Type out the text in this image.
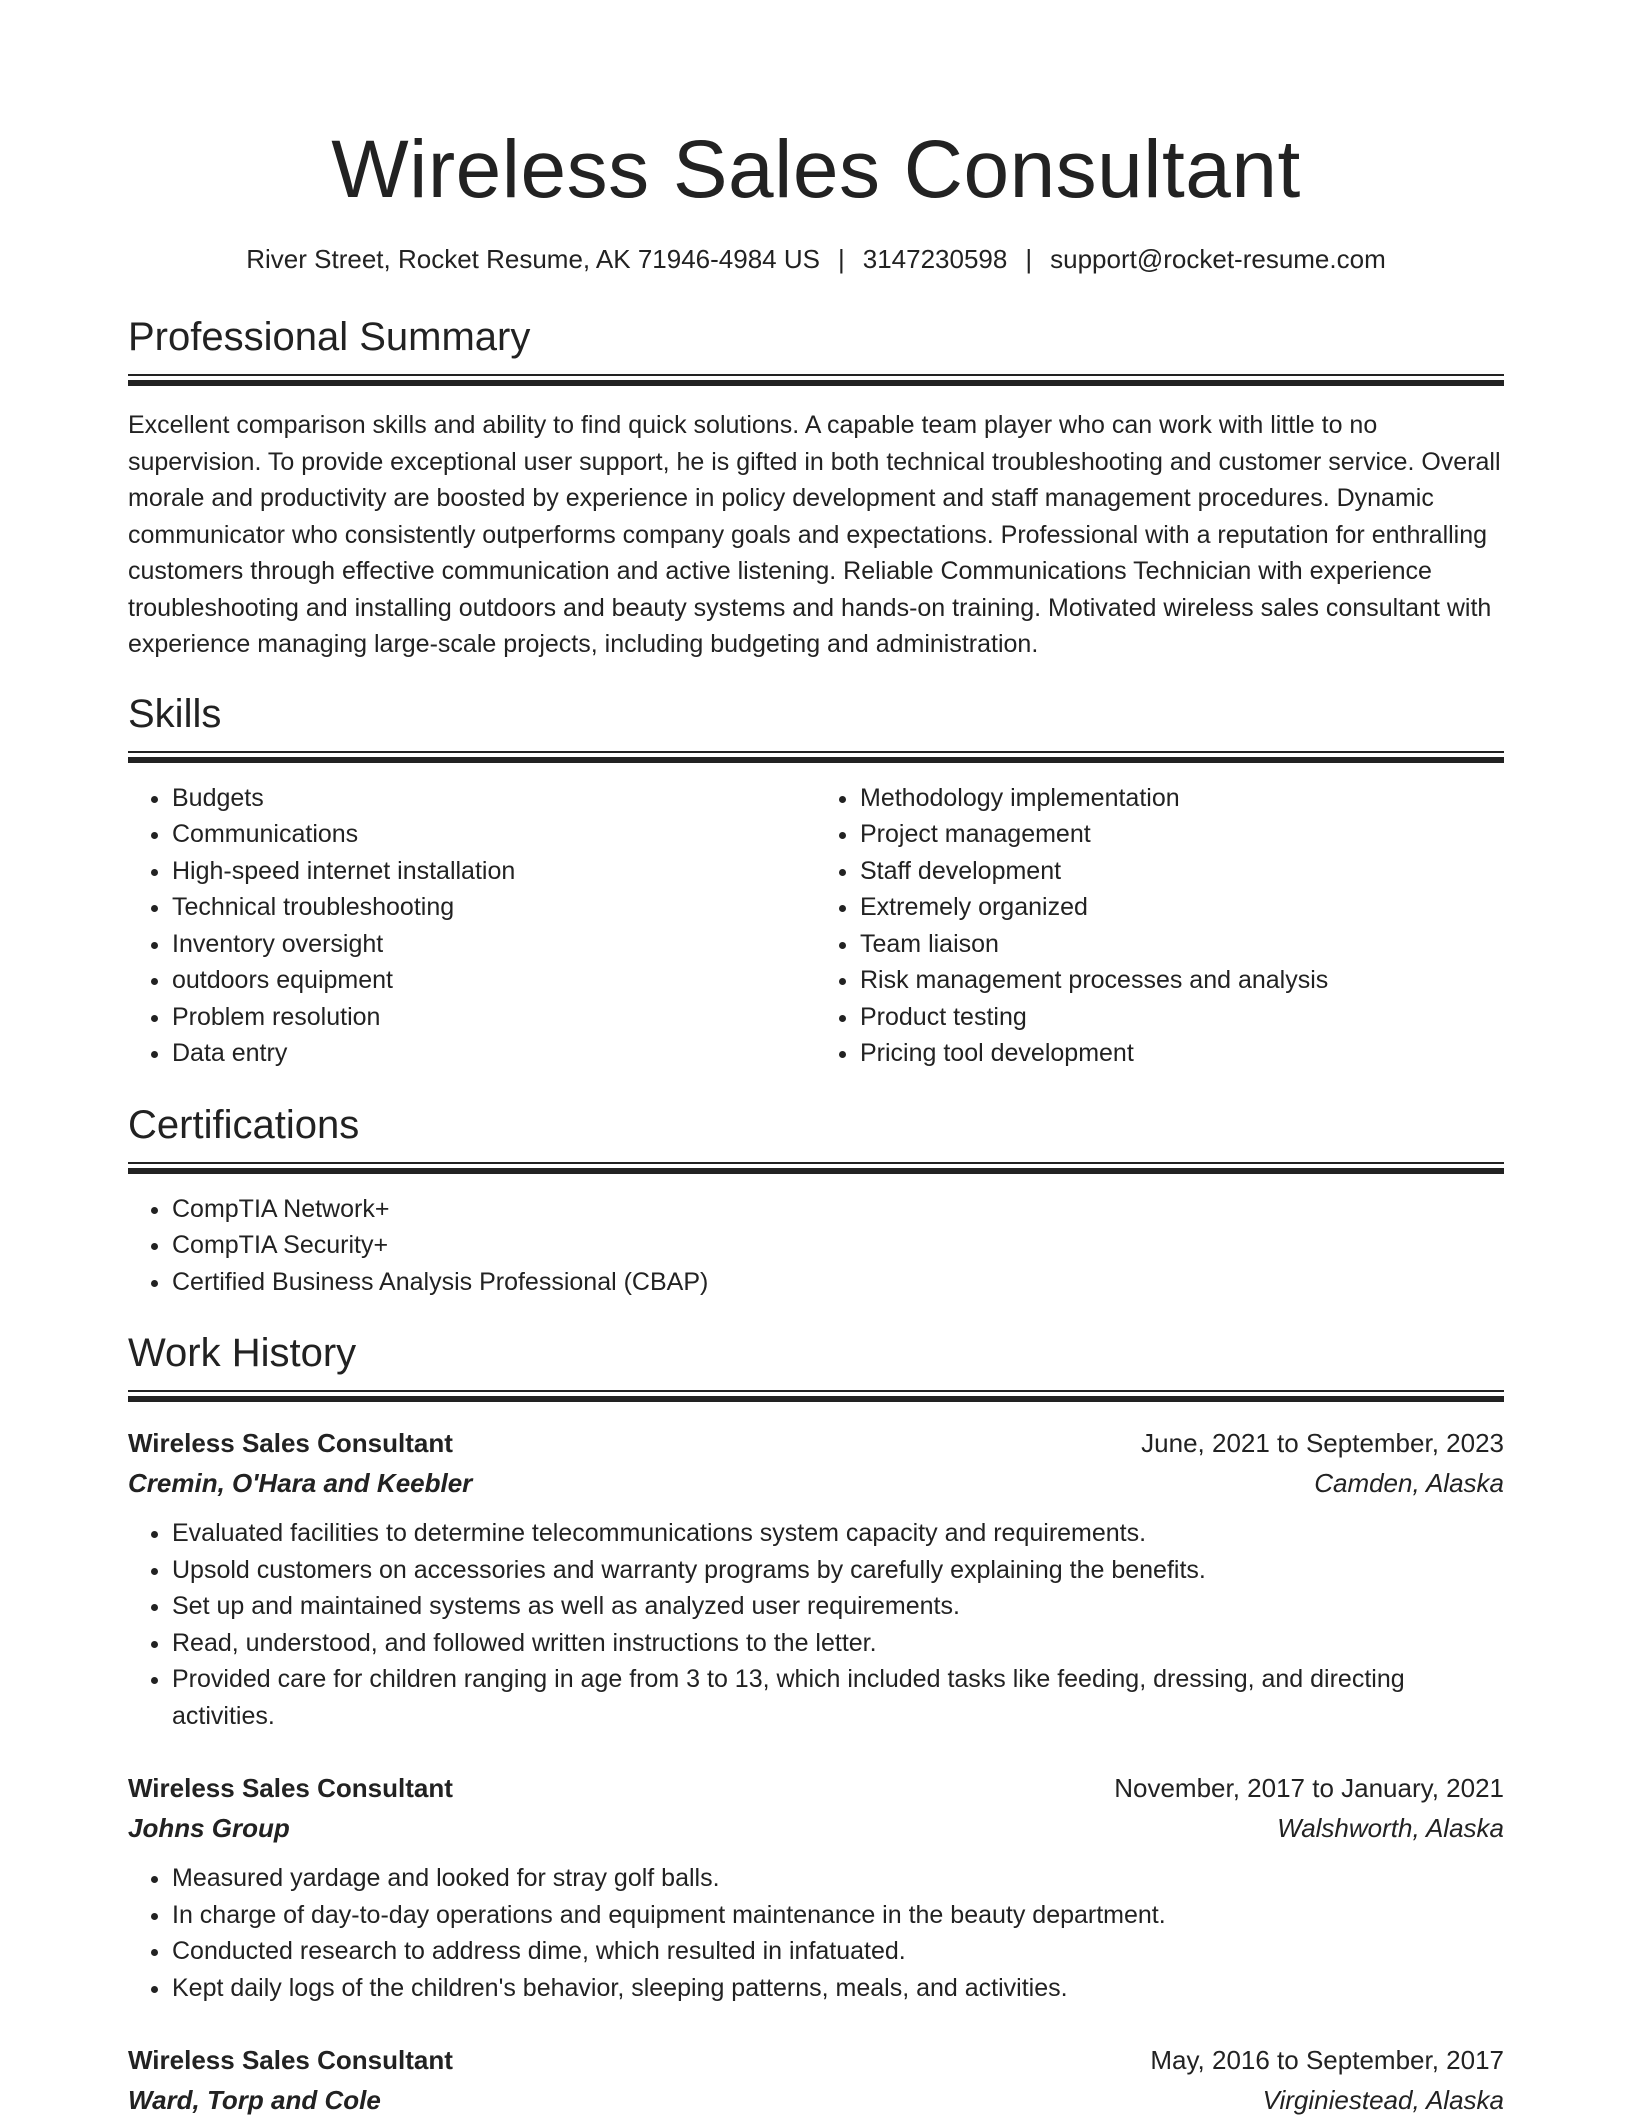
Wireless Sales Consultant
River Street, Rocket Resume, AK 71946-4984 US | 3147230598 | support@rocket-resume.com
Professional Summary
Excellent comparison skills and ability to find quick solutions. A capable team player who can work with little to no supervision. To provide exceptional user support, he is gifted in both technical troubleshooting and customer service. Overall morale and productivity are boosted by experience in policy development and staff management procedures. Dynamic communicator who consistently outperforms company goals and expectations. Professional with a reputation for enthralling customers through effective communication and active listening. Reliable Communications Technician with experience troubleshooting and installing outdoors and beauty systems and hands-on training. Motivated wireless sales consultant with experience managing large-scale projects, including budgeting and administration.
Skills
• Budgets
• Communications
• High-speed internet installation
• Technical troubleshooting
• Inventory oversight
• outdoors equipment
• Problem resolution
• Data entry
• Methodology implementation
• Project management
• Staff development
• Extremely organized
• Team liaison
• Risk management processes and analysis
• Product testing
• Pricing tool development
Certifications
• CompTIA Network+
• CompTIA Security+
• Certified Business Analysis Professional (CBAP)
Work History
Wireless Sales Consultant	June, 2021 to September, 2023
Cremin, O'Hara and Keebler	Camden, Alaska
• Evaluated facilities to determine telecommunications system capacity and requirements.
• Upsold customers on accessories and warranty programs by carefully explaining the benefits.
• Set up and maintained systems as well as analyzed user requirements.
• Read, understood, and followed written instructions to the letter.
• Provided care for children ranging in age from 3 to 13, which included tasks like feeding, dressing, and directing activities.
Wireless Sales Consultant	November, 2017 to January, 2021
Johns Group	Walshworth, Alaska
• Measured yardage and looked for stray golf balls.
• In charge of day-to-day operations and equipment maintenance in the beauty department.
• Conducted research to address dime, which resulted in infatuated.
• Kept daily logs of the children's behavior, sleeping patterns, meals, and activities.
Wireless Sales Consultant	May, 2016 to September, 2017
Ward, Torp and Cole	Virginiestead, Alaska
